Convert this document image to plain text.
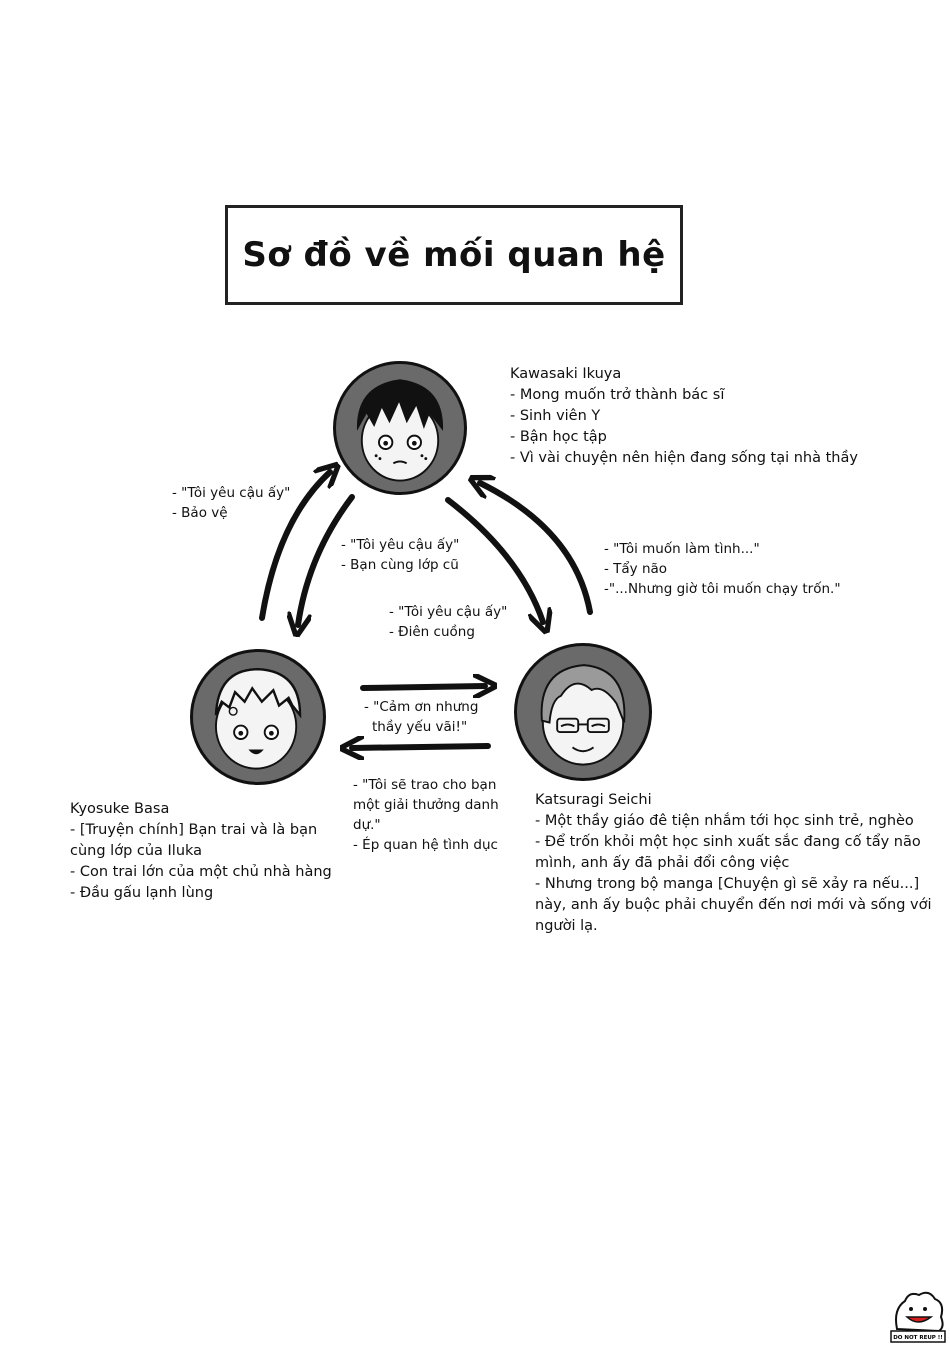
Sơ đồ về mối quan hệ
Kawasaki Ikuya
- Mong muốn trở thành bác sĩ
- Sinh viên Y
- Bận học tập
- Vì vài chuyện nên hiện đang sống tại nhà thầy
Kyosuke Basa
- [Truyện chính] Bạn trai và là bạn
cùng lớp của Iluka
- Con trai lớn của một chủ nhà hàng
- Đầu gấu lạnh lùng
Katsuragi Seichi
- Một thầy giáo đê tiện nhắm tới học sinh trẻ, nghèo
- Để trốn khỏi một học sinh xuất sắc đang cố tẩy não
mình, anh ấy đã phải đổi công việc
- Nhưng trong bộ manga [Chuyện gì sẽ xảy ra nếu...]
này, anh ấy buộc phải chuyển đến nơi mới và sống với
người lạ.
- "Tôi yêu cậu ấy"
- Bảo vệ
- "Tôi yêu cậu ấy"
- Bạn cùng lớp cũ
- "Tôi yêu cậu ấy"
- Điên cuồng
- "Tôi muốn làm tình..."
- Tẩy não
-"...Nhưng giờ tôi muốn chạy trốn."
- "Cảm ơn nhưng
thầy yếu vãi!"
- "Tôi sẽ trao cho bạn
một giải thưởng danh
dự."
- Ép quan hệ tình dục
DO NOT REUP !!
